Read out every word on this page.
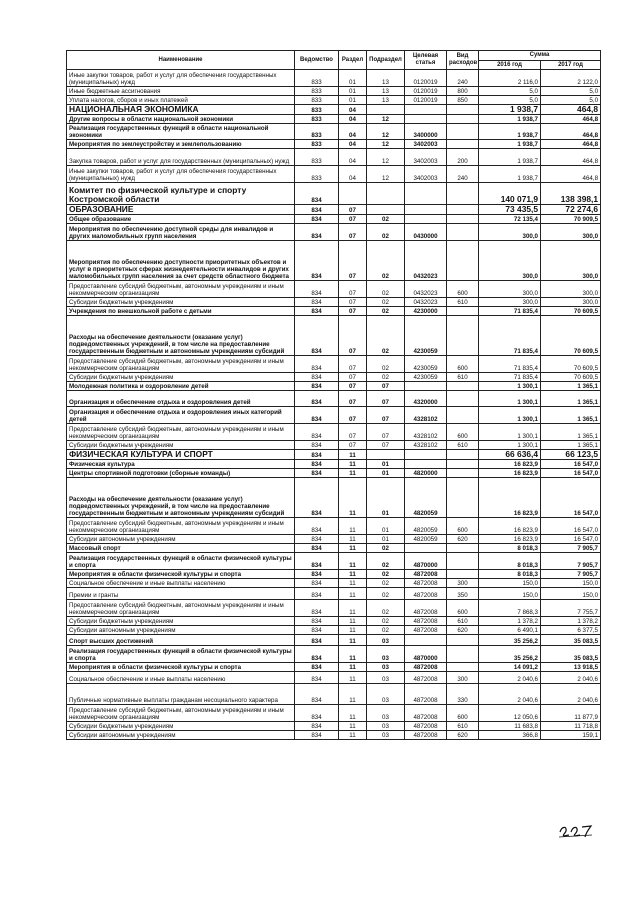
Наименование	Ведомство	Раздел	Подраздел	Целевая статья	Вид расходов	Сумма	
						2016 год	2017 год
Иные закупки товаров, работ и услуг для обеспечения государственных (муниципальных) нужд	833	01	13	0120019	240	2 116,0	2 122,0
Иные бюджетные ассигнования	833	01	13	0120019	800	5,0	5,0
Уплата налогов, сборов и иных платежей	833	01	13	0120019	850	5,0	5,0
НАЦИОНАЛЬНАЯ ЭКОНОМИКА	833	04				1 938,7	464,8
Другие вопросы в области национальной экономики	833	04	12			1 938,7	464,8
Реализация государственных функций в области национальной экономики	833	04	12	3400000		1 938,7	464,8
Мероприятия по землеустройству и землепользованию	833	04	12	3402003		1 938,7	464,8
Закупка товаров, работ и услуг для государственных (муниципальных) нужд	833	04	12	3402003	200	1 938,7	464,8
Иные закупки товаров, работ и услуг для обеспечения государственных (муниципальных) нужд	833	04	12	3402003	240	1 938,7	464,8
Комитет по физической культуре и спорту Костромской области	834					140 071,9	138 398,1
ОБРАЗОВАНИЕ	834	07				73 435,5	72 274,6
Общее образование	834	07	02			72 135,4	70 909,5
Мероприятия по обеспечению доступной среды для инвалидов и других маломобильных групп населения	834	07	02	0430000		300,0	300,0
Мероприятия по обеспечению доступности приоритетных объектов и услуг в приоритетных сферах жизнедеятельности инвалидов и других маломобильных групп населения за счет средств областного бюджета	834	07	02	0432023		300,0	300,0
Предоставление субсидий бюджетным, автономным учреждениям и иным некоммерческим организациям	834	07	02	0432023	600	300,0	300,0
Субсидии бюджетным учреждениям	834	07	02	0432023	610	300,0	300,0
Учреждения по внешкольной работе с детьми	834	07	02	4230000		71 835,4	70 609,5
Расходы на обеспечение деятельности (оказание услуг) подведомственных учреждений, в том числе на предоставление государственным бюджетным и автономным учреждениям субсидий	834	07	02	4230059		71 835,4	70 609,5
Предоставление субсидий бюджетным, автономным учреждениям и иным некоммерческим организациям	834	07	02	4230059	600	71 835,4	70 609,5
Субсидии бюджетным учреждениям	834	07	02	4230059	610	71 835,4	70 609,5
Молодежная политика и оздоровление детей	834	07	07			1 300,1	1 365,1
Организация и обеспечение отдыха и оздоровления детей	834	07	07	4320000		1 300,1	1 365,1
Организация и обеспечение отдыха и оздоровления иных категорий детей	834	07	07	4328102		1 300,1	1 365,1
Предоставление субсидий бюджетным, автономным учреждениям и иным некоммерческим организациям	834	07	07	4328102	600	1 300,1	1 365,1
Субсидии бюджетным учреждениям	834	07	07	4328102	610	1 300,1	1 365,1
ФИЗИЧЕСКАЯ КУЛЬТУРА И СПОРТ	834	11				66 636,4	66 123,5
Физическая культура	834	11	01			16 823,9	16 547,0
Центры спортивной подготовки (сборные команды)	834	11	01	4820000		16 823,9	16 547,0
Расходы на обеспечение деятельности (оказание услуг) подведомственных учреждений, в том числе на предоставление государственным бюджетным и автономным учреждениям субсидий	834	11	01	4820059		16 823,9	16 547,0
Предоставление субсидий бюджетным, автономным учреждениям и иным некоммерческим организациям	834	11	01	4820059	600	16 823,9	16 547,0
Субсидии автономным учреждениям	834	11	01	4820059	620	16 823,9	16 547,0
Массовый спорт	834	11	02			8 018,3	7 905,7
Реализация государственных функций в области физической культуры и спорта	834	11	02	4870000		8 018,3	7 905,7
Мероприятия в области физической культуры и спорта	834	11	02	4872008		8 018,3	7 905,7
Социальное обеспечение и иные выплаты населению	834	11	02	4872008	300	150,0	150,0
Премии и гранты	834	11	02	4872008	350	150,0	150,0
Предоставление субсидий бюджетным, автономным учреждениям и иным некоммерческим организациям	834	11	02	4872008	600	7 868,3	7 755,7
Субсидии бюджетным учреждениям	834	11	02	4872008	610	1 378,2	1 378,2
Субсидии автономным учреждениям	834	11	02	4872008	620	6 490,1	6 377,5
Спорт высших достижений	834	11	03			35 256,2	35 083,5
Реализация государственных функций в области физической культуры и спорта	834	11	03	4870000		35 256,2	35 083,5
Мероприятия в области физической культуры и спорта	834	11	03	4872008		14 091,2	13 918,5
Социальное обеспечение и иные выплаты населению	834	11	03	4872008	300	2 040,6	2 040,6
Публичные нормативные выплаты гражданам несоциального характера	834	11	03	4872008	330	2 040,6	2 040,6
Предоставление субсидий бюджетным, автономным учреждениям и иным некоммерческим организациям	834	11	03	4872008	600	12 050,6	11 877,9
Субсидии бюджетным учреждениям	834	11	03	4872008	610	11 683,8	11 718,8
Субсидии автономным учреждениям	834	11	03	4872008	620	366,8	159,1
